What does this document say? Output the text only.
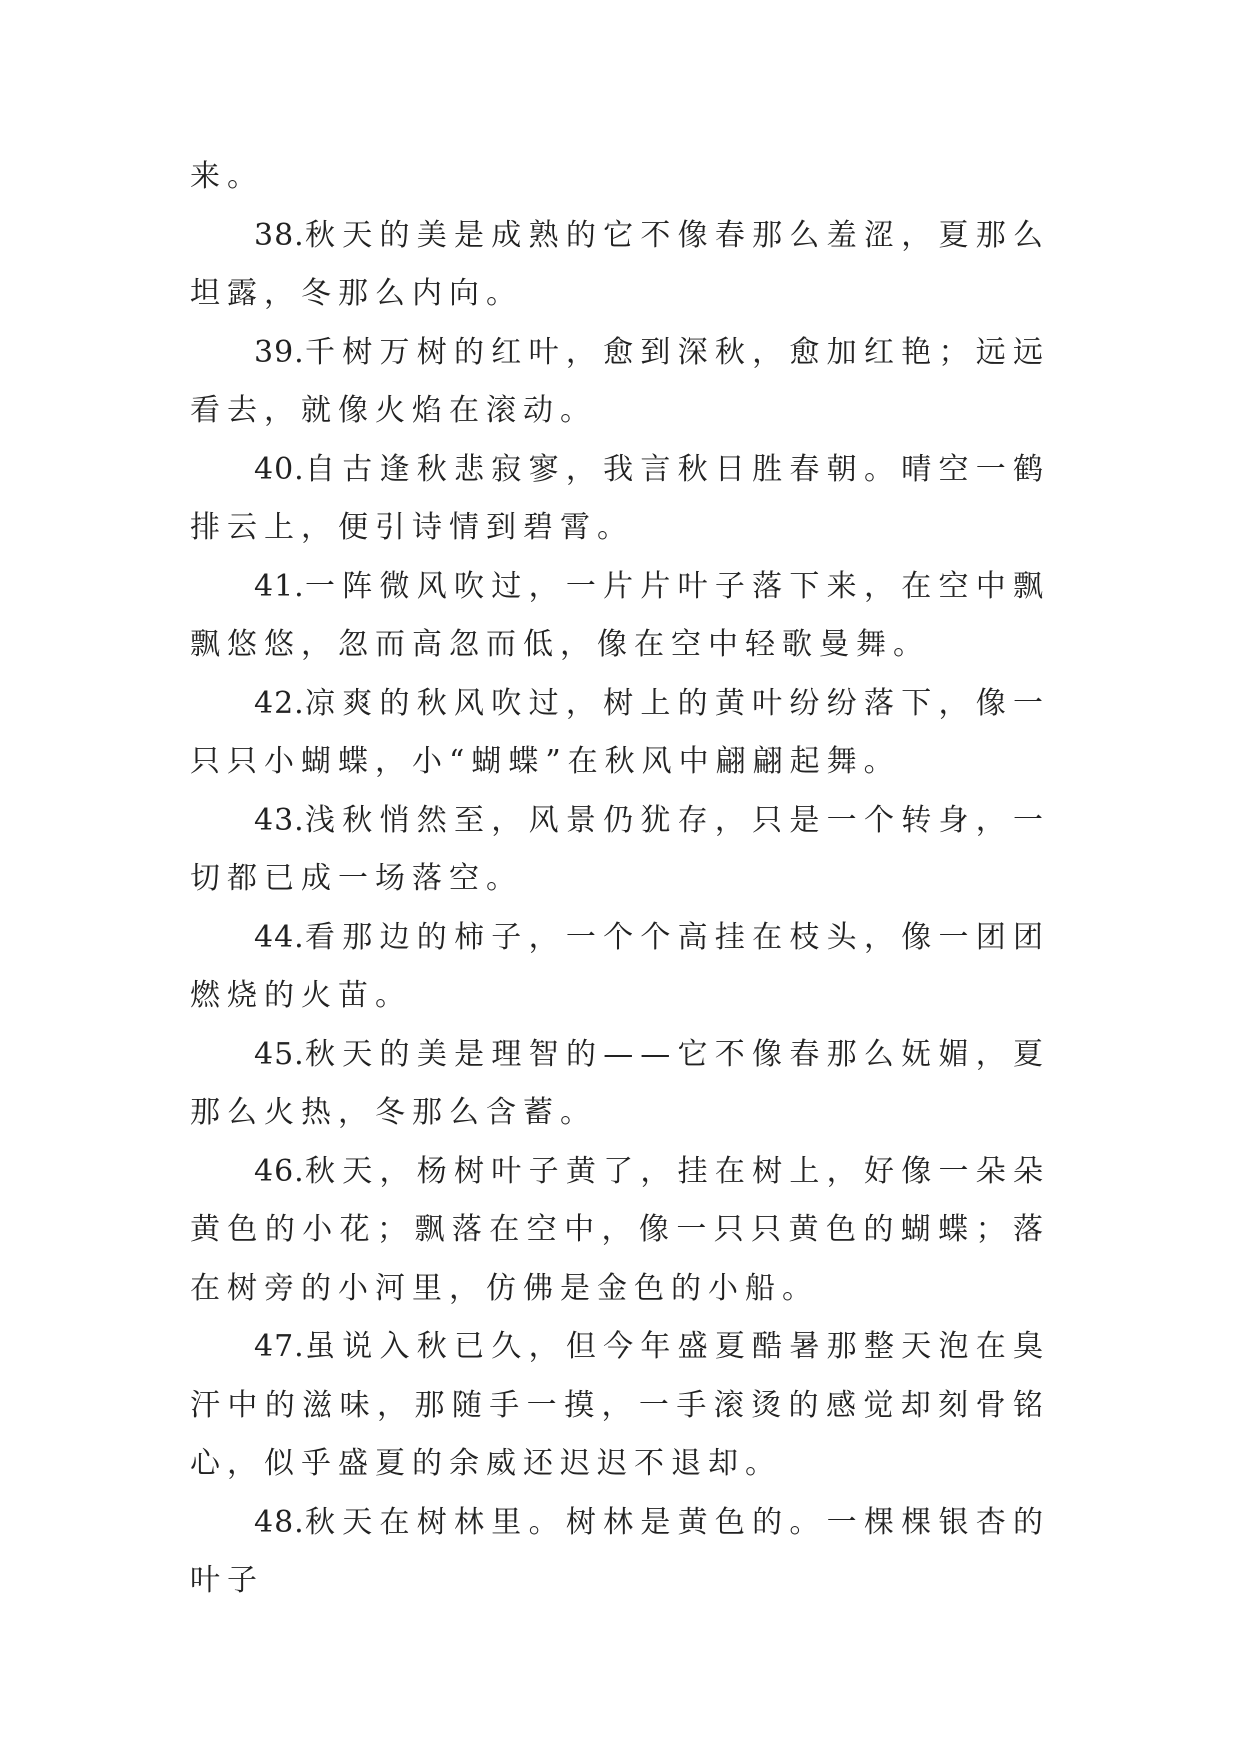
来。

38.秋天的美是成熟的它不像春那么羞涩，夏那么坦露，冬那么内向。

39.千树万树的红叶，愈到深秋，愈加红艳；远远看去，就像火焰在滚动。

40.自古逢秋悲寂寥，我言秋日胜春朝。晴空一鹤排云上，便引诗情到碧霄。

41.一阵微风吹过，一片片叶子落下来，在空中飘飘悠悠，忽而高忽而低，像在空中轻歌曼舞。

42.凉爽的秋风吹过，树上的黄叶纷纷落下，像一只只小蝴蝶，小“蝴蝶”在秋风中翩翩起舞。

43.浅秋悄然至，风景仍犹存，只是一个转身，一切都已成一场落空。

44.看那边的柿子，一个个高挂在枝头，像一团团燃烧的火苗。

45.秋天的美是理智的——它不像春那么妩媚，夏那么火热，冬那么含蓄。

46.秋天，杨树叶子黄了，挂在树上，好像一朵朵黄色的小花；飘落在空中，像一只只黄色的蝴蝶；落在树旁的小河里，仿佛是金色的小船。

47.虽说入秋已久，但今年盛夏酷暑那整天泡在臭汗中的滋味，那随手一摸，一手滚烫的感觉却刻骨铭心，似乎盛夏的余威还迟迟不退却。

48.秋天在树林里。树林是黄色的。一棵棵银杏的叶子
